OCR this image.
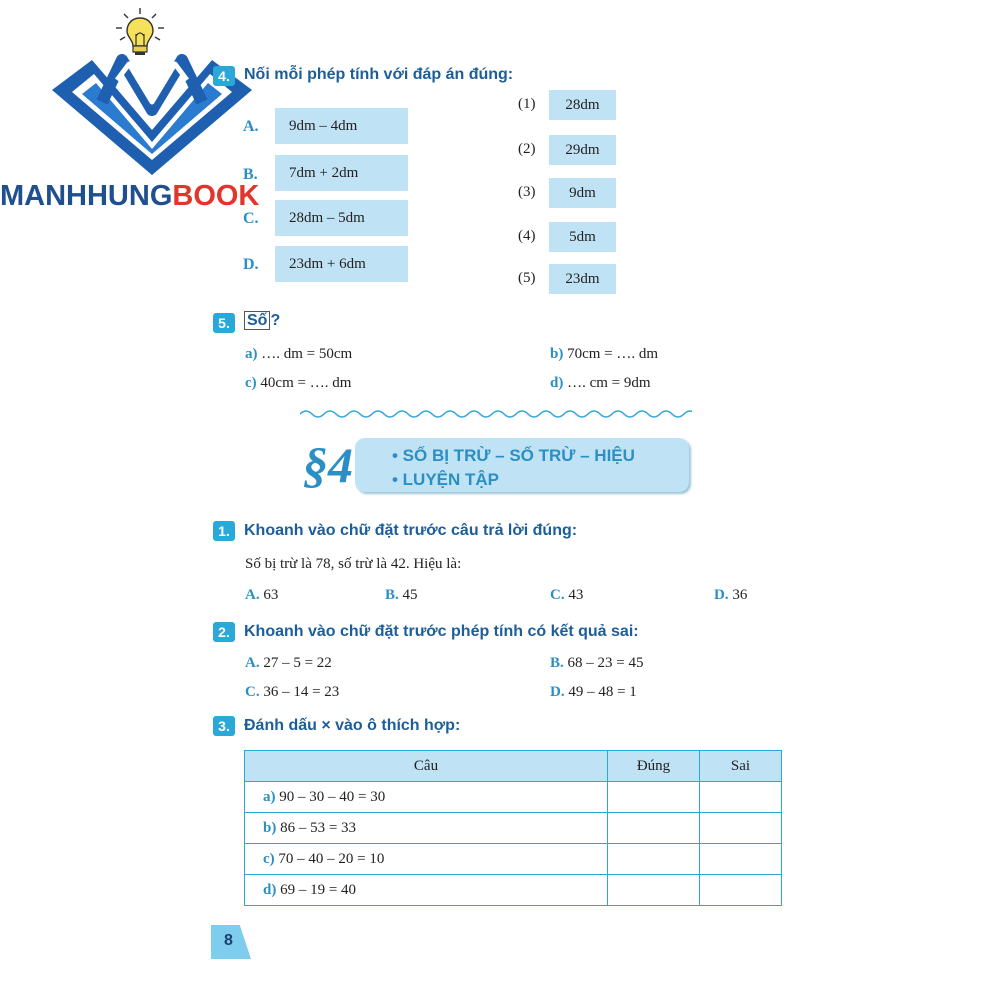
MANHHUNGBOOK
4. Nối mỗi phép tính với đáp án đúng:
A.	9dm – 4dm
B.	7dm + 2dm
C.	28dm – 5dm
D.	23dm + 6dm
(1)	28dm
(2)	29dm
(3)	9dm
(4)	5dm
(5)	23dm
5.	Số ?
a) …. dm = 50cm	b) 70cm = …. dm
c) 40cm = …. dm	d) …. cm = 9dm
§4 • SỐ BỊ TRỪ – SỐ TRỪ – HIỆU
• LUYỆN TẬP
1. Khoanh vào chữ đặt trước câu trả lời đúng:
Số bị trừ là 78, số trừ là 42. Hiệu là:
A. 63	B. 45	C. 43	D. 36
2. Khoanh vào chữ đặt trước phép tính có kết quả sai:
A. 27 – 5 = 22	B. 68 – 23 = 45
C. 36 – 14 = 23	D. 49 – 48 = 1
3. Đánh dấu × vào ô thích hợp:
Câu	Đúng	Sai
a) 90 – 30 – 40 = 30		
b) 86 – 53 = 33		
c) 70 – 40 – 20 = 10		
d) 69 – 19 = 40		
8
